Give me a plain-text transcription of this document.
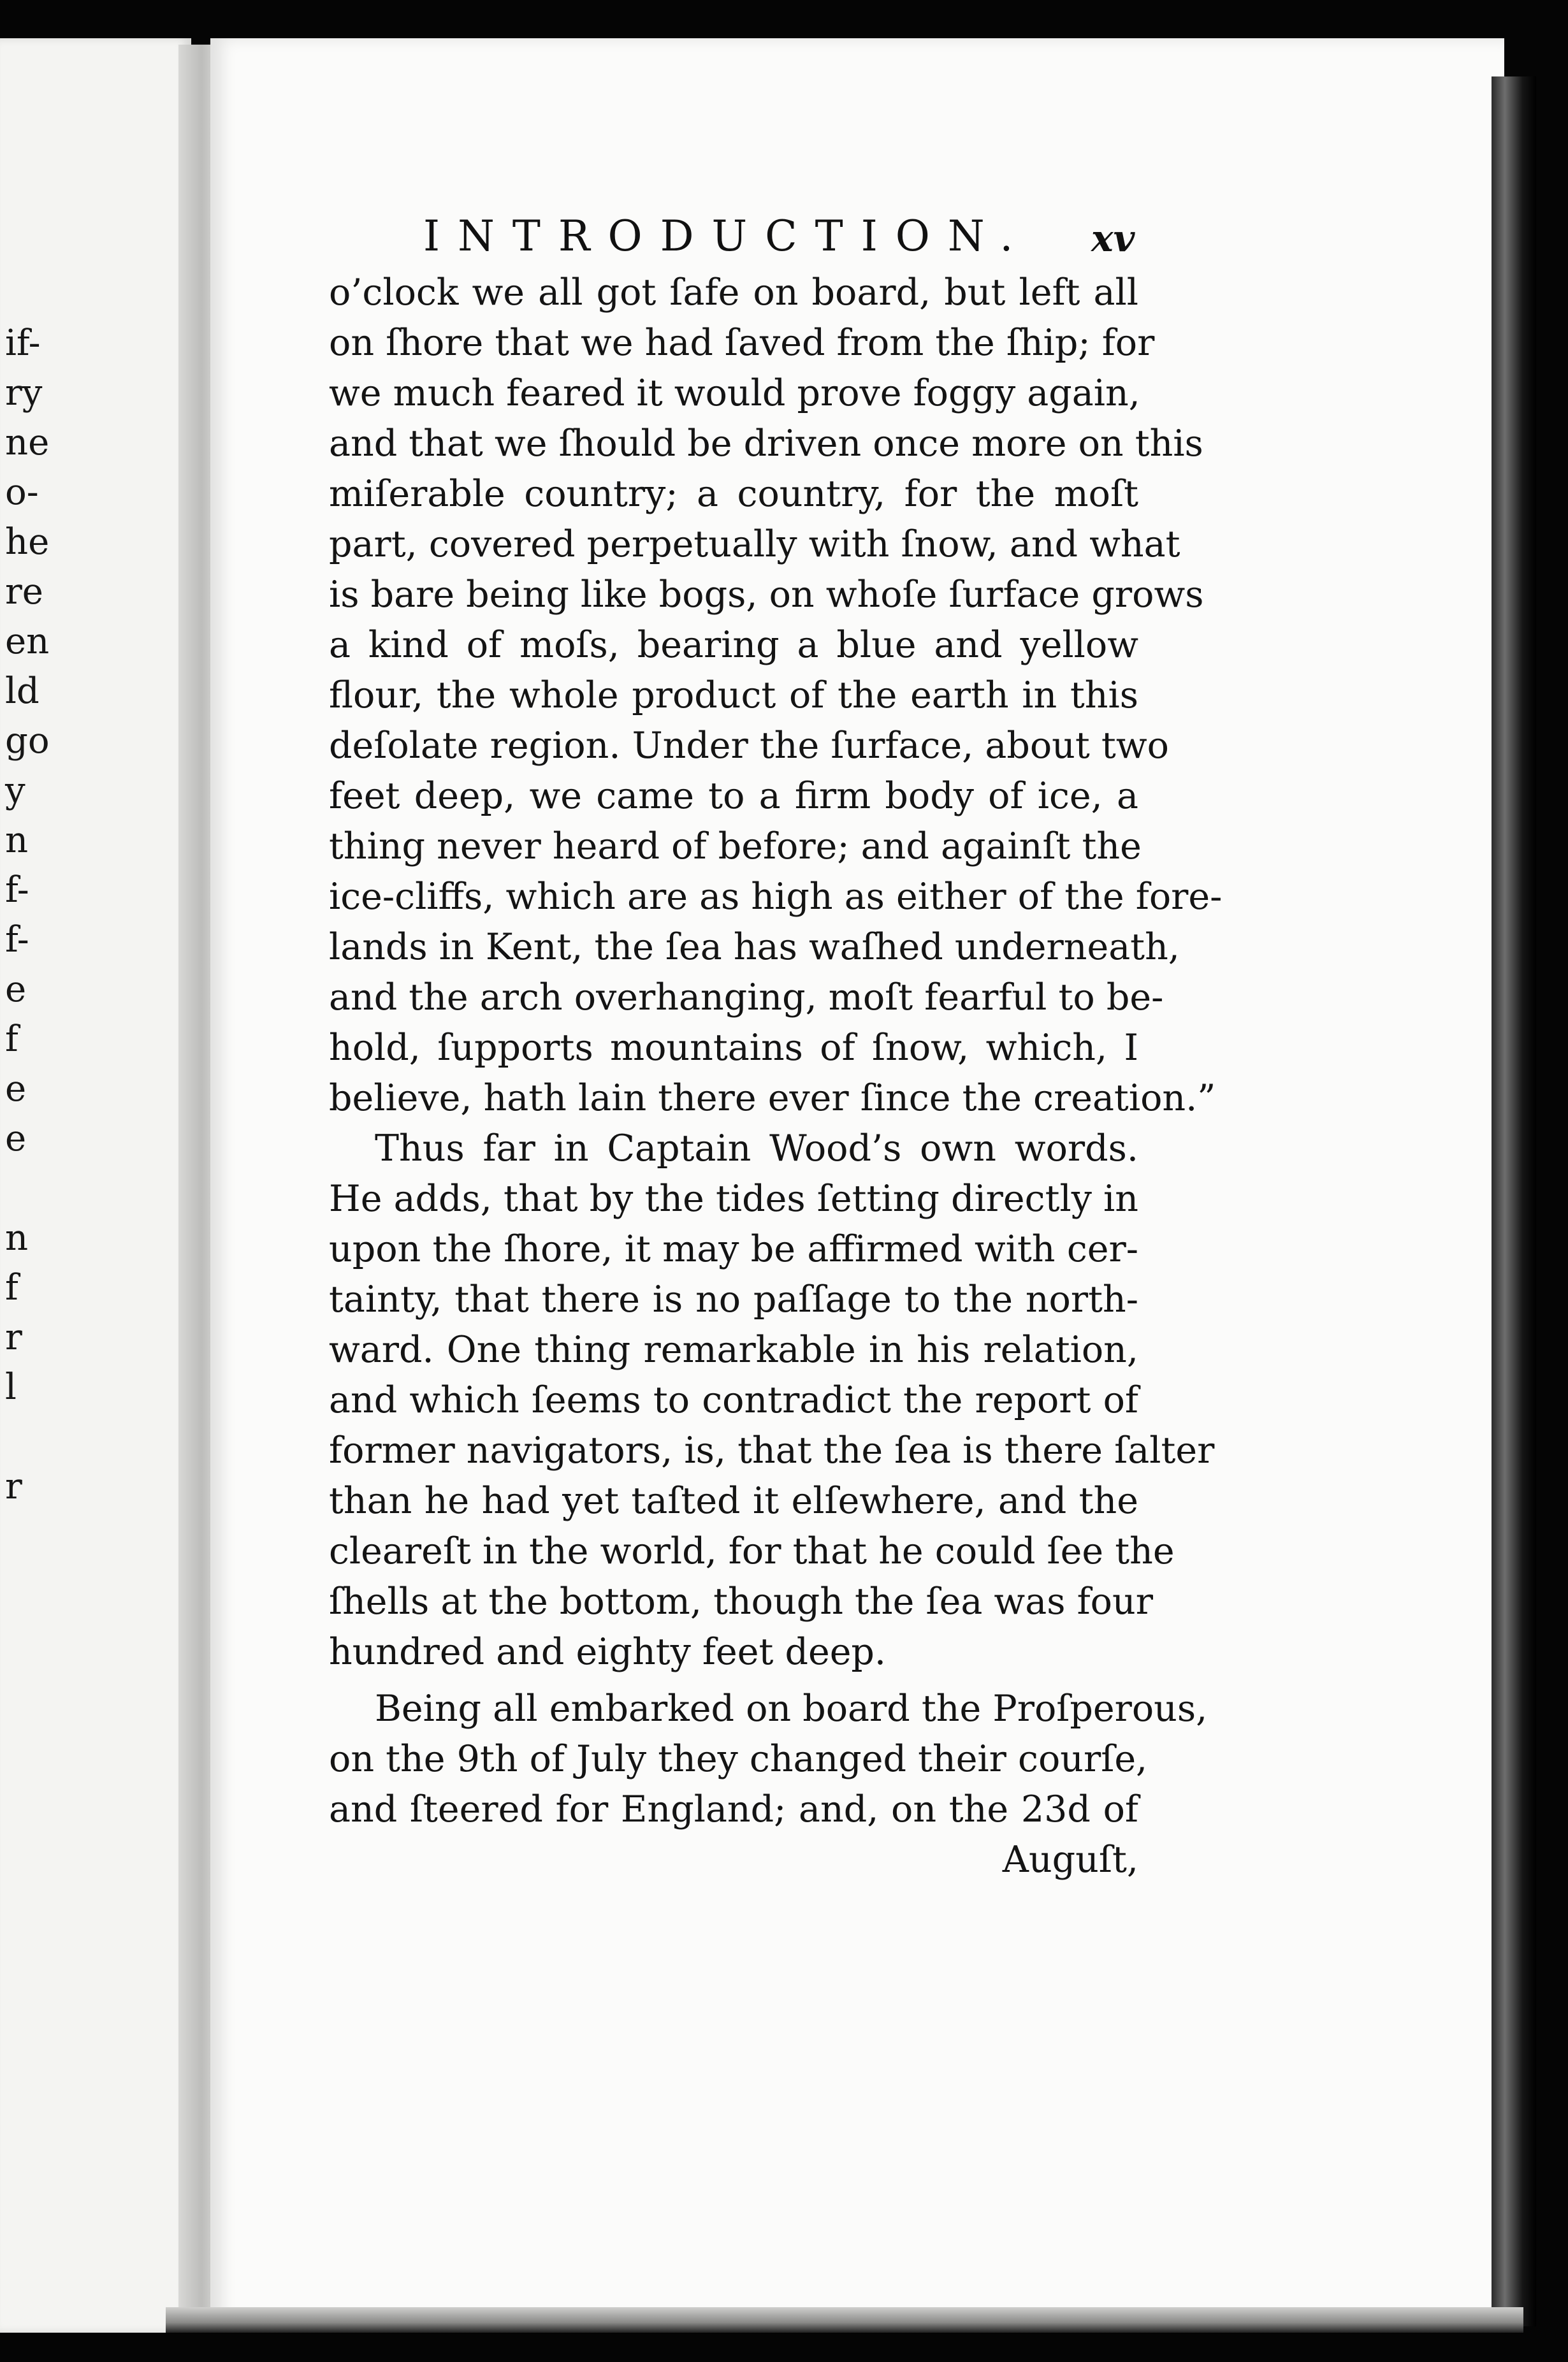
if-
ry
ne
o-
he
re
en
ld
go
y
n
f-
f-
e
f
e
e
n
f
r
l
r
INTRODUCTION. xv
o’clock we all got ſafe on board, but left all
on ſhore that we had ſaved from the ſhip; for
we much feared it would prove foggy again,
and that we ſhould be driven once more on this
miſerable country; a country, for the moſt
part, covered perpetually with ſnow, and what
is bare being like bogs, on whoſe ſurface grows
a kind of moſs, bearing a blue and yellow
flour, the whole product of the earth in this
deſolate region. Under the ſurface, about two
feet deep, we came to a firm body of ice, a
thing never heard of before; and againſt the
ice-cliffs, which are as high as either of the fore-
lands in Kent, the ſea has waſhed underneath,
and the arch overhanging, moſt fearful to be-
hold, ſupports mountains of ſnow, which, I
believe, hath lain there ever ſince the creation.”
Thus far in Captain Wood’s own words.
He adds, that by the tides ſetting directly in
upon the ſhore, it may be affirmed with cer-
tainty, that there is no paſſage to the north-
ward. One thing remarkable in his relation,
and which ſeems to contradict the report of
former navigators, is, that the ſea is there ſalter
than he had yet taſted it elſewhere, and the
cleareſt in the world, for that he could ſee the
ſhells at the bottom, though the ſea was four
hundred and eighty feet deep.
Being all embarked on board the Proſperous,
on the 9th of July they changed their courſe,
and ſteered for England; and, on the 23d of
Auguſt,
